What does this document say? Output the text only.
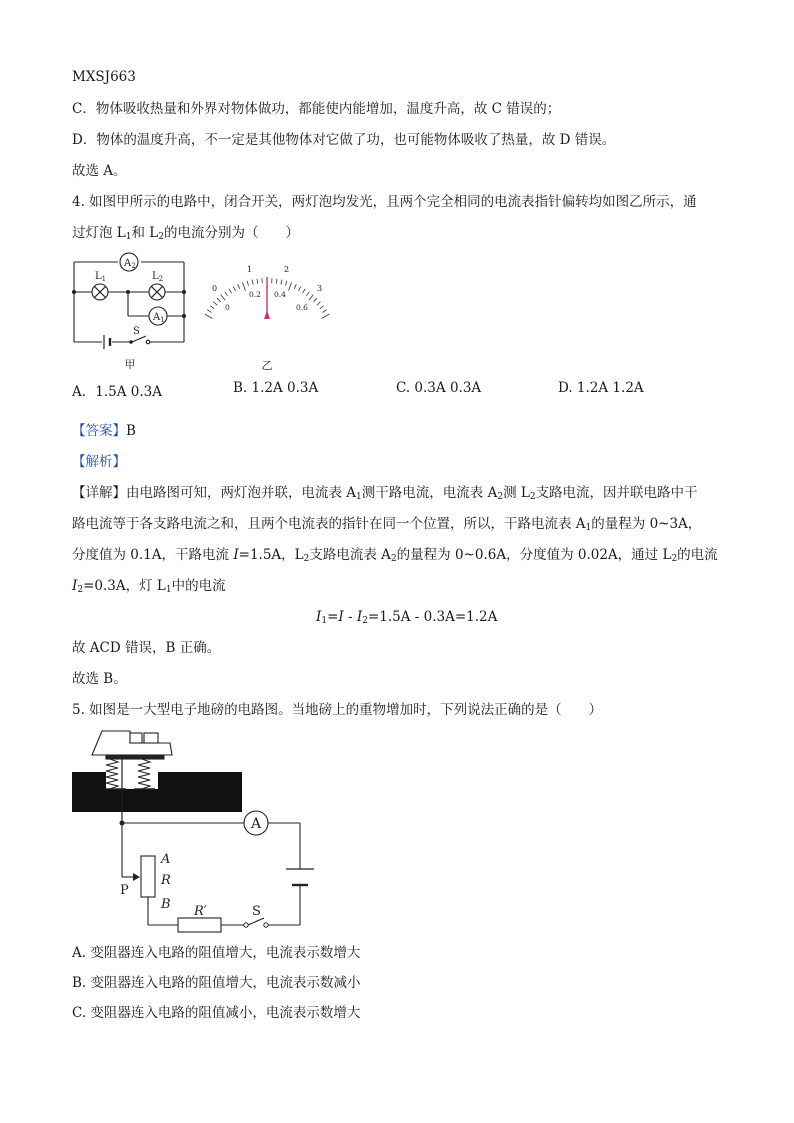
MXSJ663
C．物体吸收热量和外界对物体做功，都能使内能增加，温度升高，故 C 错误的；
D．物体的温度升高，不一定是其他物体对它做了功，也可能物体吸收了热量，故 D 错误。
故选 A。
4. 如图甲所示的电路中，闭合开关，两灯泡均发光，且两个完全相同的电流表指针偏转均如图乙所示，通
过灯泡 $L_1$和 $L_2$的电流分别为（　　）
$A_2$
$A_1$
$L_1$	$L_2$
S
甲
0
1	2
3
0
0.2 0.4
0.6
乙
A．1.5A 0.3A	B. 1.2A 0.3A	C. 0.3A 0.3A	D. 1.2A 1.2A
【答案】B
【解析】
【详解】由电路图可知，两灯泡并联，电流表 $A_1$测干路电流，电流表 $A_2$测 $L_2$支路电流，因并联电路中干
路电流等于各支路电流之和，且两个电流表的指针在同一个位置，所以，干路电流表 $A_1$的量程为 0~3A，
分度值为 0.1A，干路电流 I=1.5A，$L_2$支路电流表 $A_2$的量程为 0~0.6A，分度值为 0.02A，通过 $L_2$的电流
$I_2=0.3A$，灯 $L_1$中的电流
$I_1=I - I_2=1.5A - 0.3A=1.2A$
故 ACD 错误，B 正确。
故选 B。
5. 如图是一大型电子地磅的电路图。当地磅上的重物增加时，下列说法正确的是（　　）
A
A
R
B
P
R′	S
A. 变阻器连入电路的阻值增大，电流表示数增大
B. 变阻器连入电路的阻值增大，电流表示数减小
C. 变阻器连入电路的阻值减小，电流表示数增大
